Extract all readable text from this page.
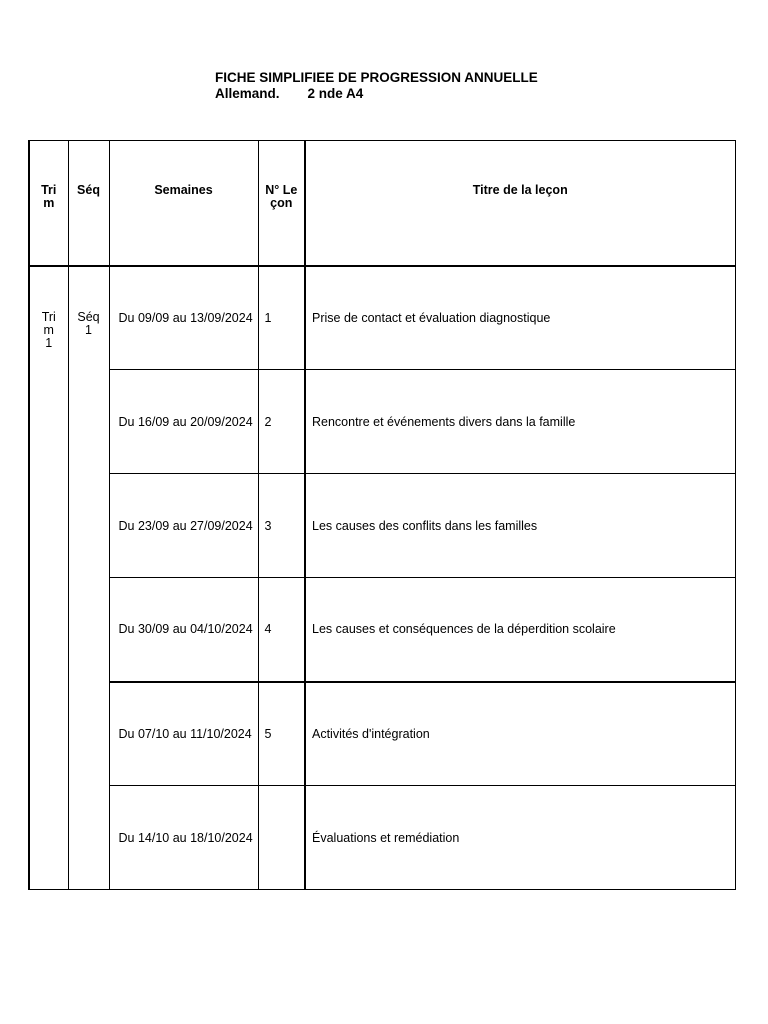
FICHE SIMPLIFIEE DE PROGRESSION ANNUELLE
Allemand. 2 nde A4
Trim	Séq	Semaines	N° Leçon	Titre de la leçon

Trim 1	Séq 1	Du 09/09 au 13/09/2024	1	Prise de contact et évaluation diagnostique
		Du 16/09 au 20/09/2024	2	Rencontre et événements divers dans la famille
		Du 23/09 au 27/09/2024	3	Les causes des conflits dans les familles
		Du 30/09 au 04/10/2024	4	Les causes et conséquences de la déperdition scolaire
		Du 07/10 au 11/10/2024	5	Activités d'intégration
		Du 14/10 au 18/10/2024		Évaluations et remédiation
